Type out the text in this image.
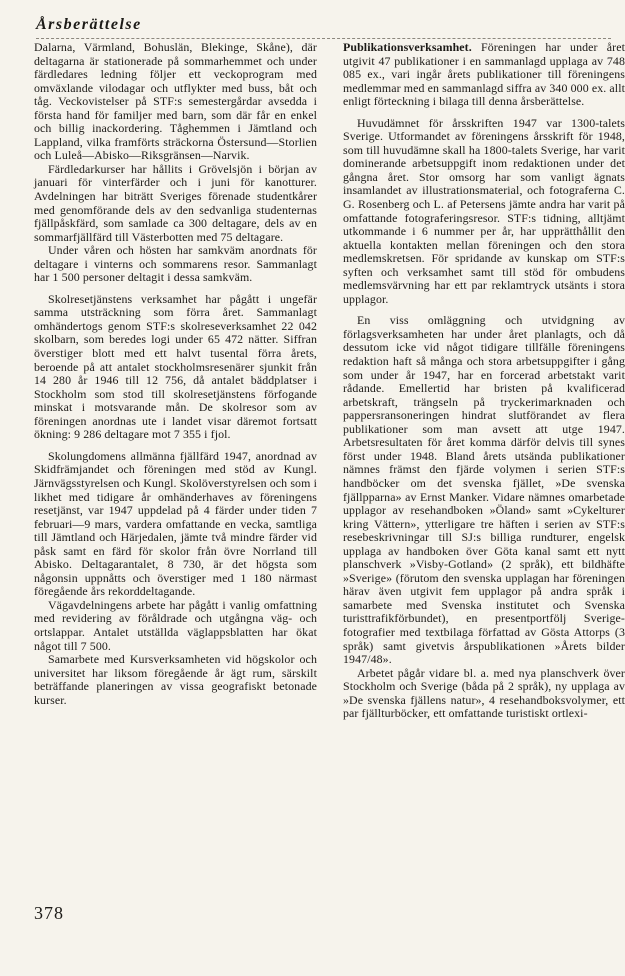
Årsberättelse

Dalarna, Värmland, Bohuslän, Blekinge, Skåne), där deltagarna är stationerade på sommarhemmet och under färdledares ledning följer ett veckoprogram med omväxlande vilodagar och utflykter med buss, båt och tåg. Veckovistelser på STF:s semestergårdar avsedda i första hand för familjer med barn, som där får en enkel och billig inackordering. Tåghemmen i Jämtland och Lappland, vilka framförts sträckorna Östersund—Storlien och Luleå—Abisko—Riksgränsen—Narvik.

Färdledarkurser har hållits i Grövelsjön i början av januari för vinterfärder och i juni för kanotturer. Avdelningen har biträtt Sveriges förenade studentkårer med genomförande dels av den sedvanliga studenternas fjällpåskfärd, som samlade ca 300 deltagare, dels av en sommarfjällfärd till Västerbotten med 75 deltagare.

Under våren och hösten har samkväm anordnats för deltagare i vinterns och sommarens resor. Sammanlagt har 1 500 personer deltagit i dessa samkväm.

Skolresetjänstens verksamhet har pågått i ungefär samma utsträckning som förra året. Sammanlagt omhändertogs genom STF:s skolreseverksamhet 22 042 skolbarn, som beredes logi under 65 472 nätter. Siffran överstiger blott med ett halvt tusental förra årets, beroende på att antalet stockholmsresenärer sjunkit från 14 280 år 1946 till 12 756, då antalet bäddplatser i Stockholm som stod till skolresetjänstens förfogande minskat i motsvarande mån. De skolresor som av föreningen anordnas ute i landet visar däremot fortsatt ökning: 9 286 deltagare mot 7 355 i fjol.

Skolungdomens allmänna fjällfärd 1947, anordnad av Skidfrämjandet och föreningen med stöd av Kungl. Järnvägsstyrelsen och Kungl. Skolöverstyrelsen och som i likhet med tidigare år omhänderhaves av föreningens resetjänst, var 1947 uppdelad på 4 färder under tiden 7 februari—9 mars, vardera omfattande en vecka, samtliga till Jämtland och Härjedalen, jämte två mindre färder vid påsk samt en färd för skolor från övre Norrland till Abisko. Deltagarantalet, 8 730, är det högsta som någonsin uppnåtts och överstiger med 1 180 närmast föregående års rekorddeltagande.

Vägavdelningens arbete har pågått i vanlig omfattning med revidering av föråldrade och utgångna väg- och ortslappar. Antalet utställda väglappsblatten har ökat något till 7 500.

Samarbete med Kursverksamheten vid högskolor och universitet har liksom föregående år ägt rum, särskilt beträffande planeringen av vissa geografiskt betonade kurser.

Publikationsverksamhet. Föreningen har under året utgivit 47 publikationer i en sammanlagd upplaga av 748 085 ex., vari ingår årets publikationer till föreningens medlemmar med en sammanlagd siffra av 340 000 ex. allt enligt förteckning i bilaga till denna årsberättelse.

Huvudämnet för årsskriften 1947 var 1300-talets Sverige. Utformandet av föreningens årsskrift för 1948, som till huvudämne skall ha 1800-talets Sverige, har varit dominerande arbetsuppgift inom redaktionen under det gångna året. Stor omsorg har som vanligt ägnats insamlandet av illustrationsmaterial, och fotograferna C. G. Rosenberg och L. af Petersens jämte andra har varit på omfattande fotograferingsresor. STF:s tidning, alltjämt utkommande i 6 nummer per år, har upprätthållit den aktuella kontakten mellan föreningen och den stora medlemskretsen. För spridande av kunskap om STF:s syften och verksamhet samt till stöd för ombudens medlemsvärvning har ett par reklamtryck utsänts i stora upplagor.

En viss omläggning och utvidgning av förlagsverksamheten har under året planlagts, och då dessutom icke vid något tidigare tillfälle föreningens redaktion haft så många och stora arbetsuppgifter i gång som under år 1947, har en forcerad arbetstakt varit rådande. Emellertid har bristen på kvalificerad arbetskraft, trängseln på tryckerimarknaden och pappersransoneringen hindrat slutförandet av flera publikationer som man avsett att utge 1947. Arbetsresultaten för året komma därför delvis till synes först under 1948. Bland årets utsända publikationer nämnes främst den fjärde volymen i serien STF:s handböcker om det svenska fjället, »De svenska fjällpparna» av Ernst Manker. Vidare nämnes omarbetade upplagor av resehandboken »Öland» samt »Cykelturer kring Vättern», ytterligare tre häften i serien av STF:s resebeskrivningar till SJ:s billiga rundturer, engelsk upplaga av handboken över Göta kanal samt ett nytt planschverk »Visby-Gotland» (2 språk), ett bildhäfte »Sverige» (förutom den svenska upplagan har föreningen härav även utgivit fem upplagor på andra språk i samarbete med Svenska institutet och Svenska turisttrafikförbundet), en presentportfölj Sverige-fotografier med textbilaga författad av Gösta Attorps (3 språk) samt givetvis årspublikationen »Årets bilder 1947/48».

Arbetet pågår vidare bl. a. med nya planschverk över Stockholm och Sverige (båda på 2 språk), ny upplaga av »De svenska fjällens natur», 4 resehandboksvolymer, ett par fjällturböcker, ett omfattande turistiskt ortlexi-

378
